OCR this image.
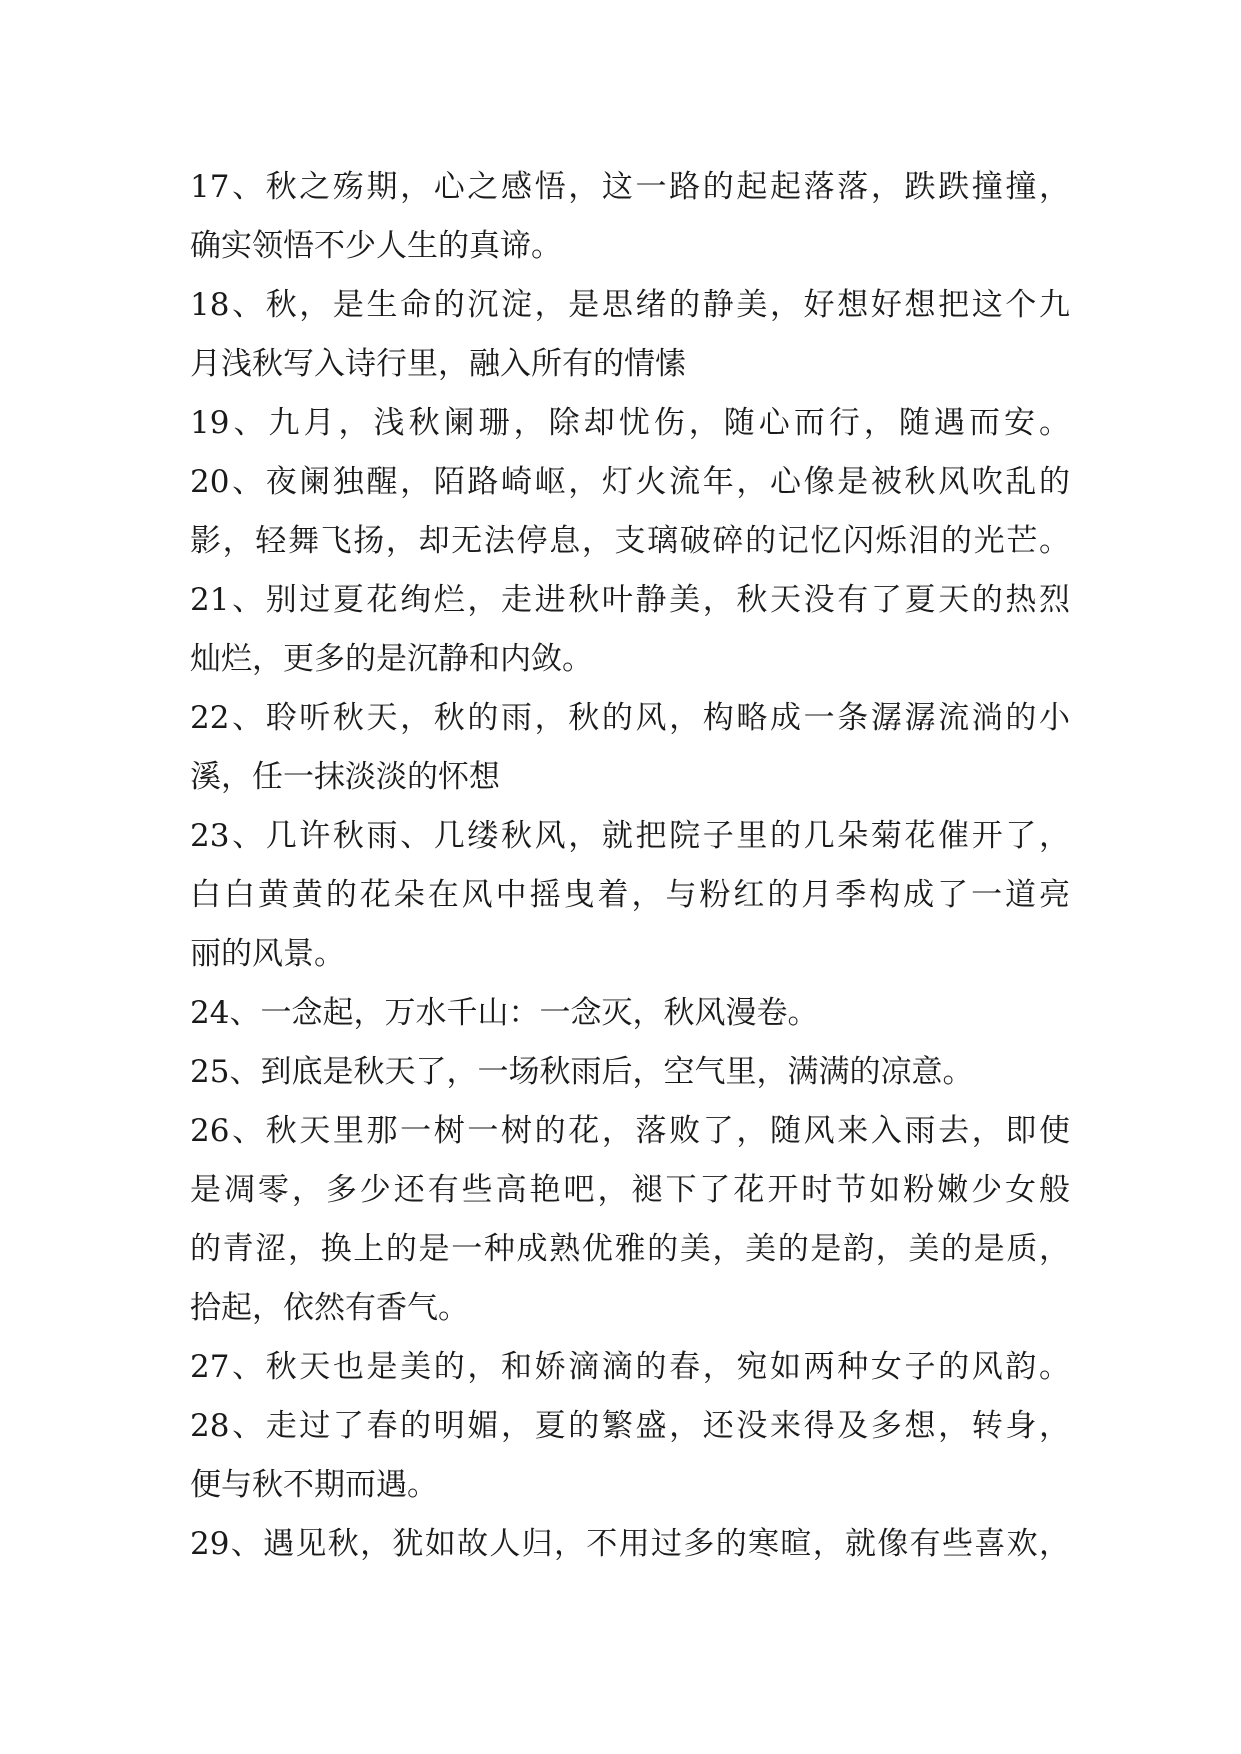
17、秋之殇期，心之感悟，这一路的起起落落，跌跌撞撞，
确实领悟不少人生的真谛。
18、秋，是生命的沉淀，是思绪的静美，好想好想把这个九
月浅秋写入诗行里，融入所有的情愫
19、九月，浅秋阑珊，除却忧伤，随心而行，随遇而安。
20、夜阑独醒，陌路崎岖，灯火流年，心像是被秋风吹乱的
影，轻舞飞扬，却无法停息，支璃破碎的记忆闪烁泪的光芒。
21、别过夏花绚烂，走进秋叶静美，秋天没有了夏天的热烈
灿烂，更多的是沉静和内敛。
22、聆听秋天，秋的雨，秋的风，构略成一条潺潺流淌的小
溪，任一抹淡淡的怀想
23、几许秋雨、几缕秋风，就把院子里的几朵菊花催开了，
白白黄黄的花朵在风中摇曳着，与粉红的月季构成了一道亮
丽的风景。
24、一念起，万水千山：一念灭，秋风漫卷。
25、到底是秋天了，一场秋雨后，空气里，满满的凉意。
26、秋天里那一树一树的花，落败了，随风来入雨去，即使
是凋零，多少还有些高艳吧，褪下了花开时节如粉嫩少女般
的青涩，换上的是一种成熟优雅的美，美的是韵，美的是质，
拾起，依然有香气。
27、秋天也是美的，和娇滴滴的春，宛如两种女子的风韵。
28、走过了春的明媚，夏的繁盛，还没来得及多想，转身，
便与秋不期而遇。
29、遇见秋，犹如故人归，不用过多的寒暄，就像有些喜欢，
